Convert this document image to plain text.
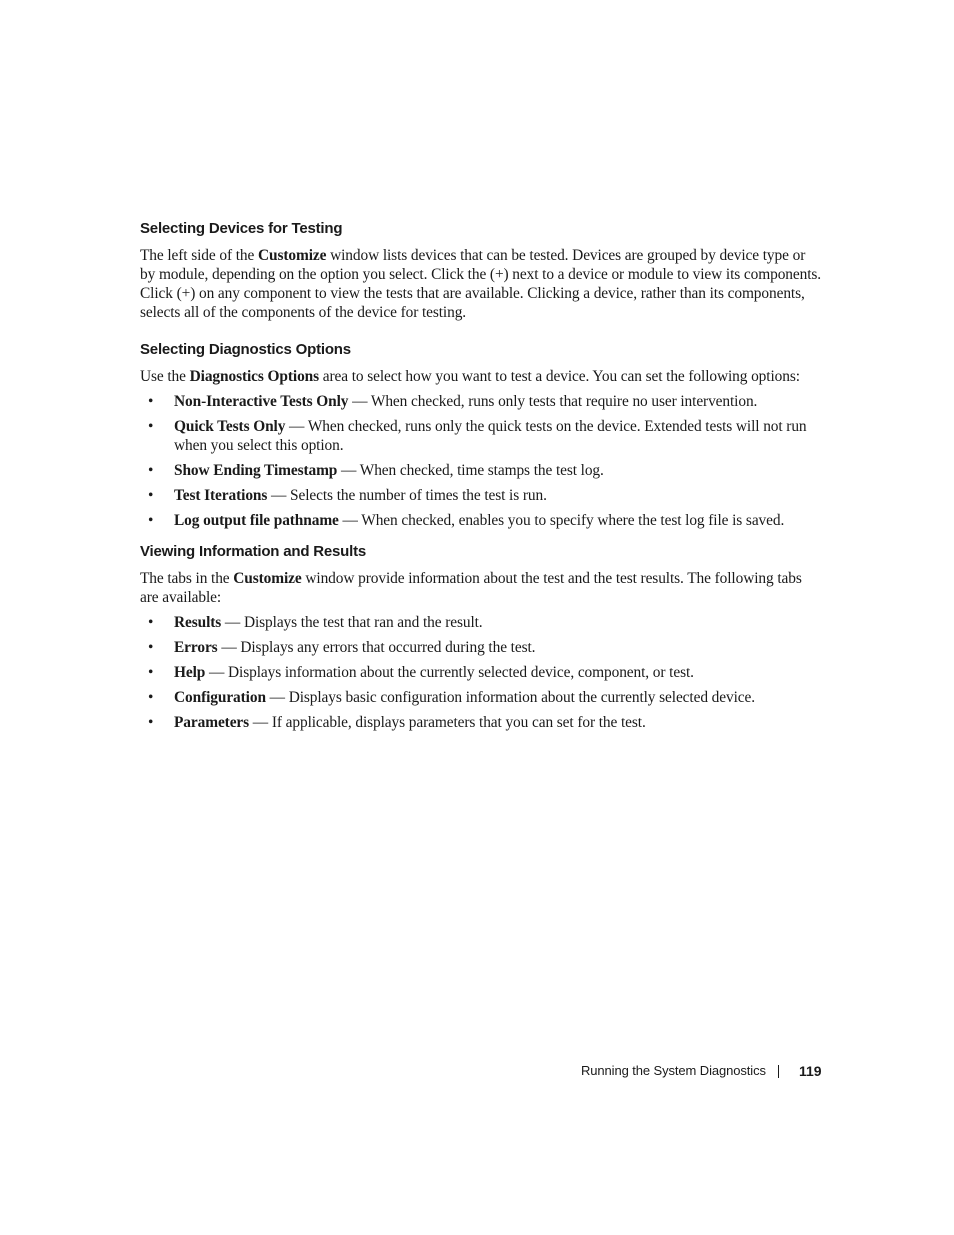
Selecting Devices for Testing

The left side of the Customize window lists devices that can be tested. Devices are grouped by device type or by module, depending on the option you select. Click the (+) next to a device or module to view its components. Click (+) on any component to view the tests that are available. Clicking a device, rather than its components, selects all of the components of the device for testing.

Selecting Diagnostics Options

Use the Diagnostics Options area to select how you want to test a device. You can set the following options:

• Non-Interactive Tests Only — When checked, runs only tests that require no user intervention.
• Quick Tests Only — When checked, runs only the quick tests on the device. Extended tests will not run when you select this option.
• Show Ending Timestamp — When checked, time stamps the test log.
• Test Iterations — Selects the number of times the test is run.
• Log output file pathname — When checked, enables you to specify where the test log file is saved.
Viewing Information and Results

The tabs in the Customize window provide information about the test and the test results. The following tabs are available:

• Results — Displays the test that ran and the result.
• Errors — Displays any errors that occurred during the test.
• Help — Displays information about the currently selected device, component, or test.
• Configuration — Displays basic configuration information about the currently selected device.
• Parameters — If applicable, displays parameters that you can set for the test.
Running the System Diagnostics 119
